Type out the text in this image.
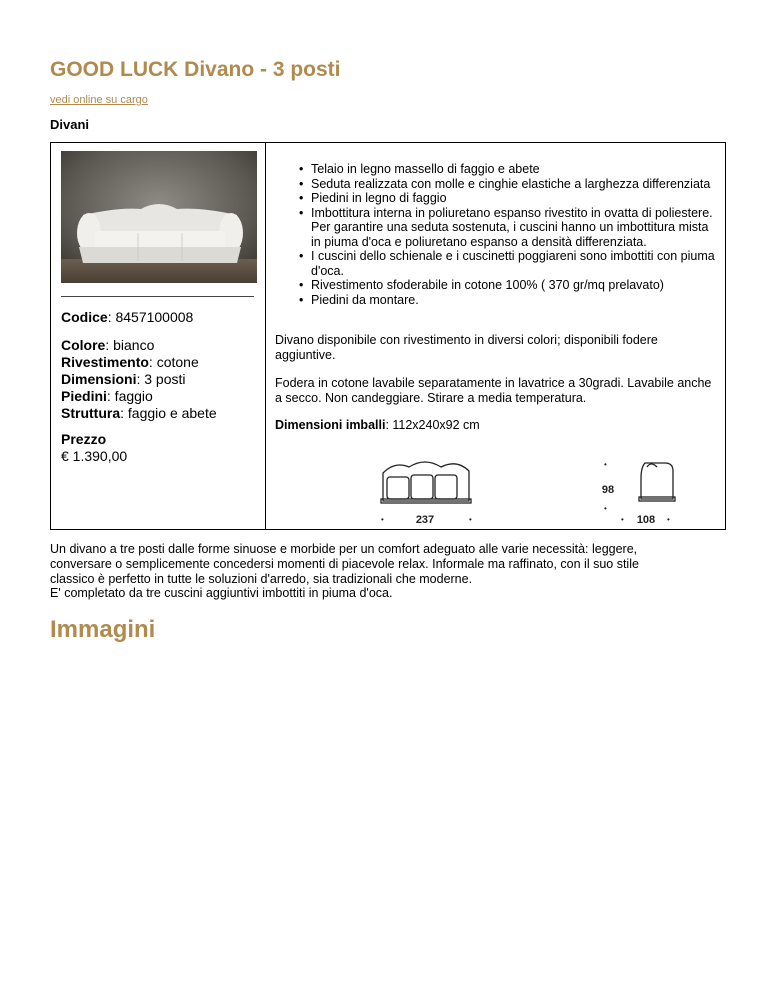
GOOD LUCK Divano - 3 posti
vedi online su cargo
Divani
Codice: 8457100008
Colore: bianco
Rivestimento: cotone
Dimensioni: 3 posti
Piedini: faggio
Struttura: faggio e abete
Prezzo
€ 1.390,00
• Telaio in legno massello di faggio e abete
• Seduta realizzata con molle e cinghie elastiche a larghezza differenziata
• Piedini in legno di faggio
• Imbottitura interna in poliuretano espanso rivestito in ovatta di poliestere.
Per garantire una seduta sostenuta, i cuscini hanno un imbottitura mista in piuma d'oca e poliuretano espanso a densità differenziata.
• I cuscini dello schienale e i cuscinetti poggiareni sono imbottiti con piuma d'oca.
• Rivestimento sfoderabile in cotone 100% ( 370 gr/mq prelavato)
• Piedini da montare.
Divano disponibile con rivestimento in diversi colori; disponibili fodere aggiuntive.
Fodera in cotone lavabile separatamente in lavatrice a 30gradi. Lavabile anche a secco. Non candeggiare. Stirare a media temperatura.
Dimensioni imballi: 112x240x92 cm
237
98
108
•	•
•
•
•	•
Un divano a tre posti dalle forme sinuose e morbide per un comfort adeguato alle varie necessità: leggere,
conversare o semplicemente concedersi momenti di piacevole relax. Informale ma raffinato, con il suo stile
classico è perfetto in tutte le soluzioni d'arredo, sia tradizionali che moderne.
E' completato da tre cuscini aggiuntivi imbottiti in piuma d'oca.
Immagini
